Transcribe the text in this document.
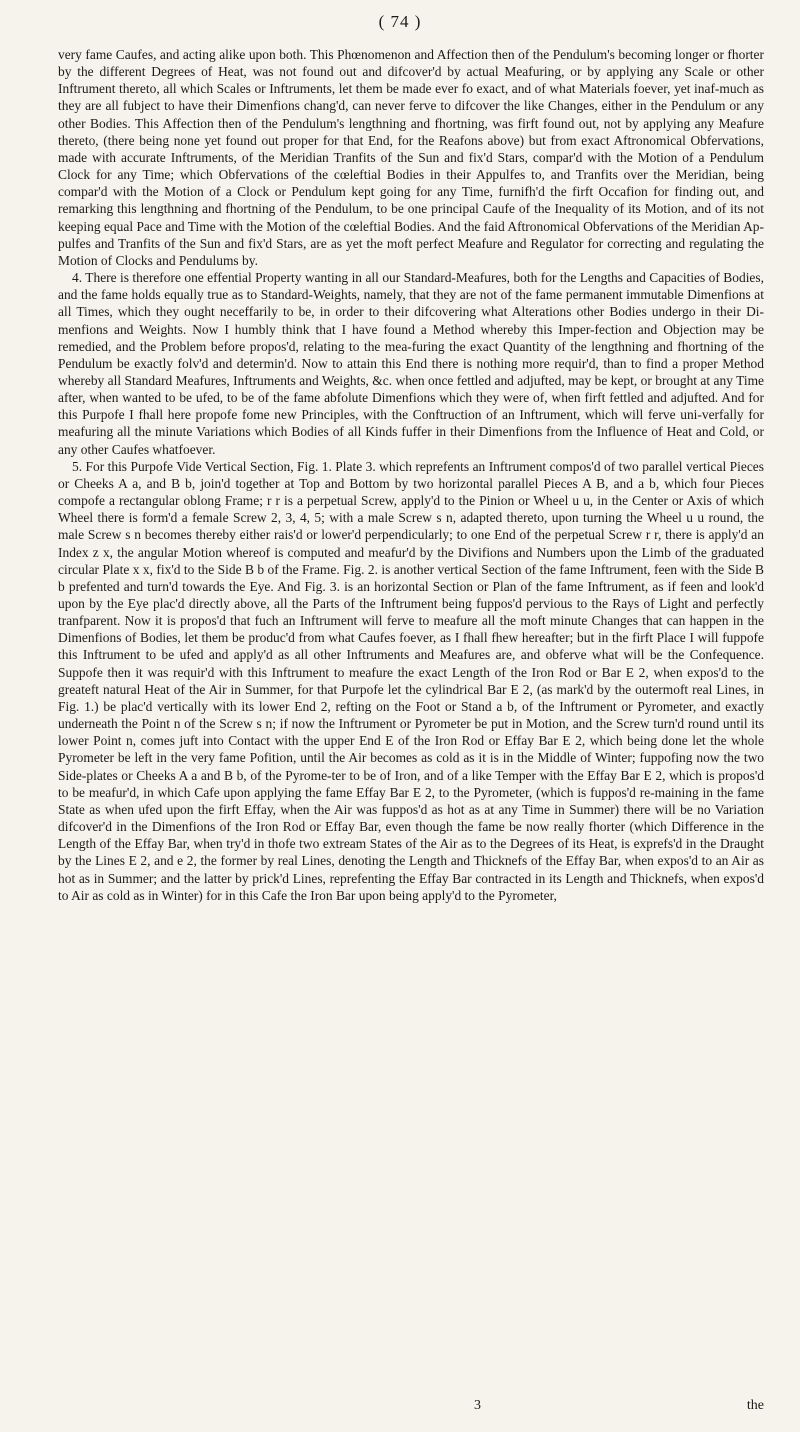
( 74 )

very fame Caufes, and acting alike upon both. This Phœnomenon and Affection then of the Pendulum's becoming longer or fhorter by the different Degrees of Heat, was not found out and difcover'd by actual Meafuring, or by applying any Scale or other Inftrument thereto, all which Scales or Inftruments, let them be made ever fo exact, and of what Materials foever, yet inaf-much as they are all fubject to have their Dimenfions chang'd, can never ferve to difcover the like Changes, either in the Pendulum or any other Bodies. This Affection then of the Pendulum's lengthning and fhortning, was firft found out, not by applying any Meafure thereto, (there being none yet found out proper for that End, for the Reafons above) but from exact Aftronomical Obfervations, made with accurate Inftruments, of the Meridian Tranfits of the Sun and fix'd Stars, compar'd with the Motion of a Pendulum Clock for any Time; which Obfervations of the cœleftial Bodies in their Appulfes to, and Tranfits over the Meridian, being compar'd with the Motion of a Clock or Pendulum kept going for any Time, furnifh'd the firft Occafion for finding out, and remarking this lengthning and fhortning of the Pendulum, to be one principal Caufe of the Inequality of its Motion, and of its not keeping equal Pace and Time with the Motion of the cœleftial Bodies. And the faid Aftronomical Obfervations of the Meridian Ap-pulfes and Tranfits of the Sun and fix'd Stars, are as yet the moft perfect Meafure and Regulator for correcting and regulating the Motion of Clocks and Pendulums by.

4. There is therefore one effential Property wanting in all our Standard-Meafures, both for the Lengths and Capacities of Bodies, and the fame holds equally true as to Standard-Weights, namely, that they are not of the fame permanent immutable Dimenfions at all Times, which they ought neceffarily to be, in order to their difcovering what Alterations other Bodies undergo in their Di-menfions and Weights. Now I humbly think that I have found a Method whereby this Imper-fection and Objection may be remedied, and the Problem before propos'd, relating to the mea-furing the exact Quantity of the lengthning and fhortning of the Pendulum be exactly folv'd and determin'd. Now to attain this End there is nothing more requir'd, than to find a proper Method whereby all Standard Meafures, Inftruments and Weights, &c. when once fettled and adjufted, may be kept, or brought at any Time after, when wanted to be ufed, to be of the fame abfolute Dimenfions which they were of, when firft fettled and adjufted. And for this Purpofe I fhall here propofe fome new Principles, with the Conftruction of an Inftrument, which will ferve uni-verfally for meafuring all the minute Variations which Bodies of all Kinds fuffer in their Dimenfions from the Influence of Heat and Cold, or any other Caufes whatfoever.

5. For this Purpofe Vide Vertical Section, Fig. 1. Plate 3. which reprefents an Inftrument compos'd of two parallel vertical Pieces or Cheeks A a, and B b, join'd together at Top and Bottom by two horizontal parallel Pieces A B, and a b, which four Pieces compofe a rectangular oblong Frame; r r is a perpetual Screw, apply'd to the Pinion or Wheel u u, in the Center or Axis of which Wheel there is form'd a female Screw 2, 3, 4, 5; with a male Screw s n, adapted thereto, upon turning the Wheel u u round, the male Screw s n becomes thereby either rais'd or lower'd perpendicularly; to one End of the perpetual Screw r r, there is apply'd an Index z x, the angular Motion whereof is computed and meafur'd by the Divifions and Numbers upon the Limb of the graduated circular Plate x x, fix'd to the Side B b of the Frame. Fig. 2. is another vertical Section of the fame Inftrument, feen with the Side B b prefented and turn'd towards the Eye. And Fig. 3. is an horizontal Section or Plan of the fame Inftrument, as if feen and look'd upon by the Eye plac'd directly above, all the Parts of the Inftrument being fuppos'd pervious to the Rays of Light and perfectly tranfparent. Now it is propos'd that fuch an Inftrument will ferve to meafure all the moft minute Changes that can happen in the Dimenfions of Bodies, let them be produc'd from what Caufes foever, as I fhall fhew hereafter; but in the firft Place I will fuppofe this Inftrument to be ufed and apply'd as all other Inftruments and Meafures are, and obferve what will be the Confequence. Suppofe then it was requir'd with this Inftrument to meafure the exact Length of the Iron Rod or Bar E 2, when expos'd to the greateft natural Heat of the Air in Summer, for that Purpofe let the cylindrical Bar E 2, (as mark'd by the outermoft real Lines, in Fig. 1.) be plac'd vertically with its lower End 2, refting on the Foot or Stand a b, of the Inftrument or Pyrometer, and exactly underneath the Point n of the Screw s n; if now the Inftrument or Pyrometer be put in Motion, and the Screw turn'd round until its lower Point n, comes juft into Contact with the upper End E of the Iron Rod or Effay Bar E 2, which being done let the whole Pyrometer be left in the very fame Pofition, until the Air becomes as cold as it is in the Middle of Winter; fuppofing now the two Side-plates or Cheeks A a and B b, of the Pyrome-ter to be of Iron, and of a like Temper with the Effay Bar E 2, which is propos'd to be meafur'd, in which Cafe upon applying the fame Effay Bar E 2, to the Pyrometer, (which is fuppos'd re-maining in the fame State as when ufed upon the firft Effay, when the Air was fuppos'd as hot as at any Time in Summer) there will be no Variation difcover'd in the Dimenfions of the Iron Rod or Effay Bar, even though the fame be now really fhorter (which Difference in the Length of the Effay Bar, when try'd in thofe two extream States of the Air as to the Degrees of its Heat, is exprefs'd in the Draught by the Lines E 2, and e 2, the former by real Lines, denoting the Length and Thicknefs of the Effay Bar, when expos'd to an Air as hot as in Summer; and the latter by prick'd Lines, reprefenting the Effay Bar contracted in its Length and Thicknefs, when expos'd to Air as cold as in Winter) for in this Cafe the Iron Bar upon being apply'd to the Pyrometer,

3	the
